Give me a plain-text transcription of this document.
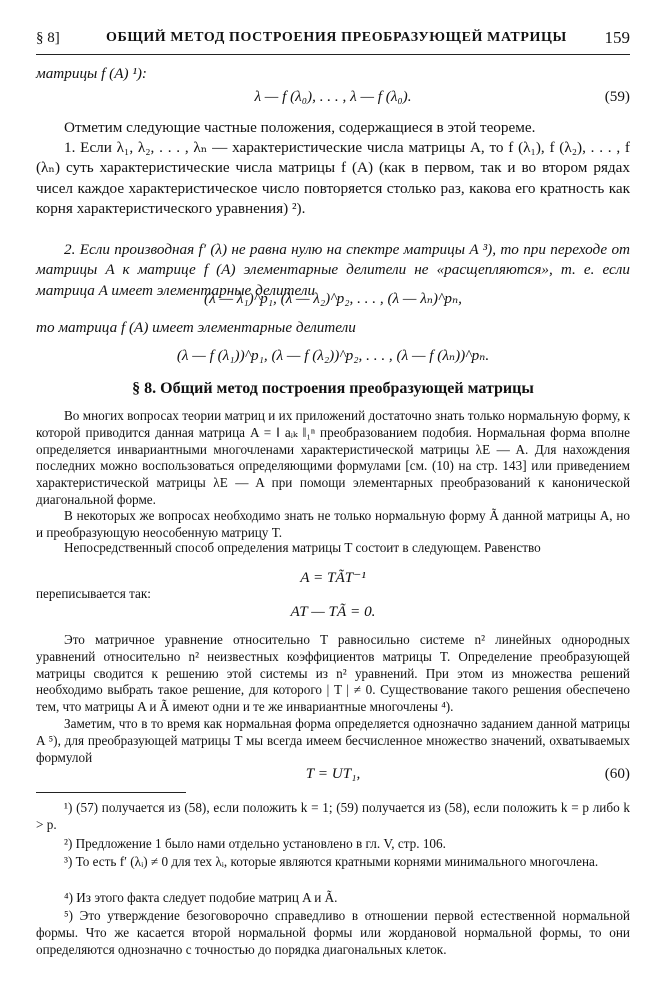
§ 8]	ОБЩИЙ МЕТОД ПОСТРОЕНИЯ ПРЕОБРАЗУЮЩЕЙ МАТРИЦЫ 159
матрицы f (A) ¹):
λ — f (λ₀), . . . , λ — f (λ₀).	(59)
Отметим следующие частные положения, содержащиеся в этой теореме.
1. Если λ₁, λ₂, . . . , λₙ — характеристические числа матрицы A, то f (λ₁), f (λ₂), . . . , f (λₙ) суть характеристические числа матрицы f (A) (как в первом, так и во втором рядах чисел каждое характеристическое число повторяется столько раз, какова его кратность как корня характеристического уравнения) ²).
2. Если производная f′ (λ) не равна нулю на спектре матрицы A ³), то при переходе от матрицы A к матрице f (A) элементарные делители не «расщепляются», т. е. если матрица A имеет элементарные делители
(λ — λ₁)^p₁, (λ — λ₂)^p₂, . . . , (λ — λₙ)^pₙ,
то матрица f (A) имеет элементарные делители
(λ — f (λ₁))^p₁, (λ — f (λ₂))^p₂, . . . , (λ — f (λₙ))^pₙ.
§ 8. Общий метод построения преобразующей матрицы
Во многих вопросах теории матриц и их приложений достаточно знать только нормальную форму, к которой приводится данная матрица A = ‖ aᵢₖ ‖₁ⁿ преобразованием подобия. Нормальная форма вполне определяется инвариантными многочленами характеристической матрицы λE — A. Для нахождения последних можно воспользоваться определяющими формулами [см. (10) на стр. 143] или приведением характеристической матрицы λE — A при помощи элементарных преобразований к канонической диагональной форме.
В некоторых же вопросах необходимо знать не только нормальную форму Ã данной матрицы A, но и преобразующую неособенную матрицу T.
Непосредственный способ определения матрицы T состоит в следующем. Равенство
A = TÃT⁻¹
переписывается так:
AT — TÃ = 0.
Это матричное уравнение относительно T равносильно системе n² линейных однородных уравнений относительно n² неизвестных коэффициентов матрицы T. Определение преобразующей матрицы сводится к решению этой системы из n² уравнений. При этом из множества решений необходимо выбрать такое решение, для которого | T | ≠ 0. Существование такого решения обеспечено тем, что матрицы A и Ã имеют одни и те же инвариантные многочлены ⁴).
Заметим, что в то время как нормальная форма определяется однозначно заданием данной матрицы A ⁵), для преобразующей матрицы T мы всегда имеем бесчисленное множество значений, охватываемых формулой
T = UT₁,	(60)
¹) (57) получается из (58), если положить k = 1; (59) получается из (58), если положить k = p либо k > p.
²) Предложение 1 было нами отдельно установлено в гл. V, стр. 106.
³) То есть f′ (λᵢ) ≠ 0 для тех λᵢ, которые являются кратными корнями минимального многочлена.
⁴) Из этого факта следует подобие матриц A и Ã.
⁵) Это утверждение безоговорочно справедливо в отношении первой естественной нормальной формы. Что же касается второй нормальной формы или жордановой нормальной формы, то они определяются однозначно с точностью до порядка диагональных клеток.
